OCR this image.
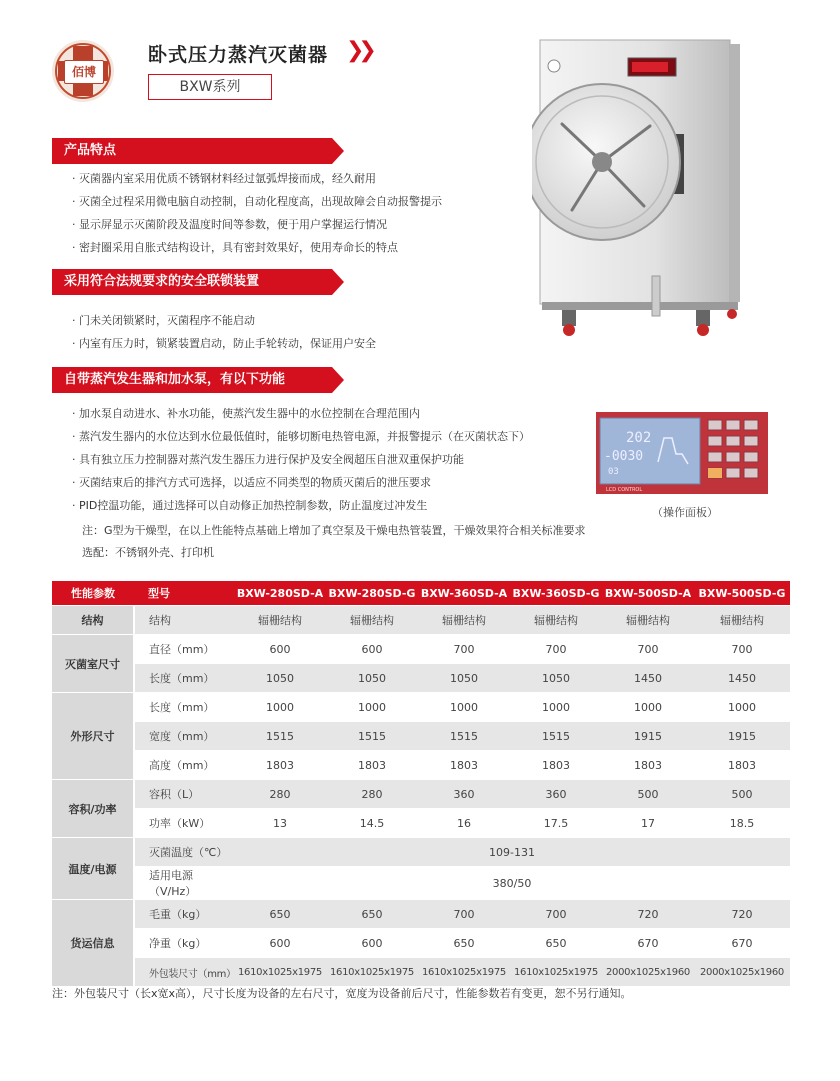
佰博
卧式压力蒸汽灭菌器 ❯❯
BXW系列
产品特点
· 灭菌器内室采用优质不锈钢材料经过氩弧焊接而成，经久耐用
· 灭菌全过程采用微电脑自动控制，自动化程度高，出现故障会自动报警提示
· 显示屏显示灭菌阶段及温度时间等参数，便于用户掌握运行情况
· 密封圈采用自胀式结构设计，具有密封效果好，使用寿命长的特点
采用符合法规要求的安全联锁装置
· 门未关闭锁紧时，灭菌程序不能启动
· 内室有压力时，锁紧装置启动，防止手轮转动，保证用户安全
自带蒸汽发生器和加水泵，有以下功能
· 加水泵自动进水、补水功能，使蒸汽发生器中的水位控制在合理范围内
· 蒸汽发生器内的水位达到水位最低值时，能够切断电热管电源，并报警提示（在灭菌状态下）
· 具有独立压力控制器对蒸汽发生器压力进行保护及安全阀超压自泄双重保护功能
· 灭菌结束后的排汽方式可选择，以适应不同类型的物质灭菌后的泄压要求
· PID控温功能，通过选择可以自动修正加热控制参数，防止温度过冲发生
注：G型为干燥型，在以上性能特点基础上增加了真空泵及干燥电热管装置，干燥效果符合相关标准要求
选配：不锈钢外壳、打印机
202
-0030
03
LCD CONTROL
（操作面板）
性能参数	型号	BXW-280SD-A	BXW-280SD-G	BXW-360SD-A	BXW-360SD-G	BXW-500SD-A	BXW-500SD-G
结构	结构	辐栅结构	辐栅结构	辐栅结构	辐栅结构	辐栅结构	辐栅结构
灭菌室尺寸	直径（mm）	600	600	700	700	700	700
	长度（mm）	1050	1050	1050	1050	1450	1450
外形尺寸	长度（mm）	1000	1000	1000	1000	1000	1000
	宽度（mm）	1515	1515	1515	1515	1915	1915
	高度（mm）	1803	1803	1803	1803	1803	1803
容积/功率	容积（L）	280	280	360	360	500	500
	功率（kW）	13	14.5	16	17.5	17	18.5
温度/电源	灭菌温度（℃）	109-131					
	适用电源（V/Hz）	380/50					
货运信息	毛重（kg）	650	650	700	700	720	720
	净重（kg）	600	600	650	650	670	670
	外包装尺寸（mm）	1610x1025x1975	1610x1025x1975	1610x1025x1975	1610x1025x1975	2000x1025x1960	2000x1025x1960
注：外包装尺寸（长x宽x高），尺寸长度为设备的左右尺寸，宽度为设备前后尺寸，性能参数若有变更，恕不另行通知。
